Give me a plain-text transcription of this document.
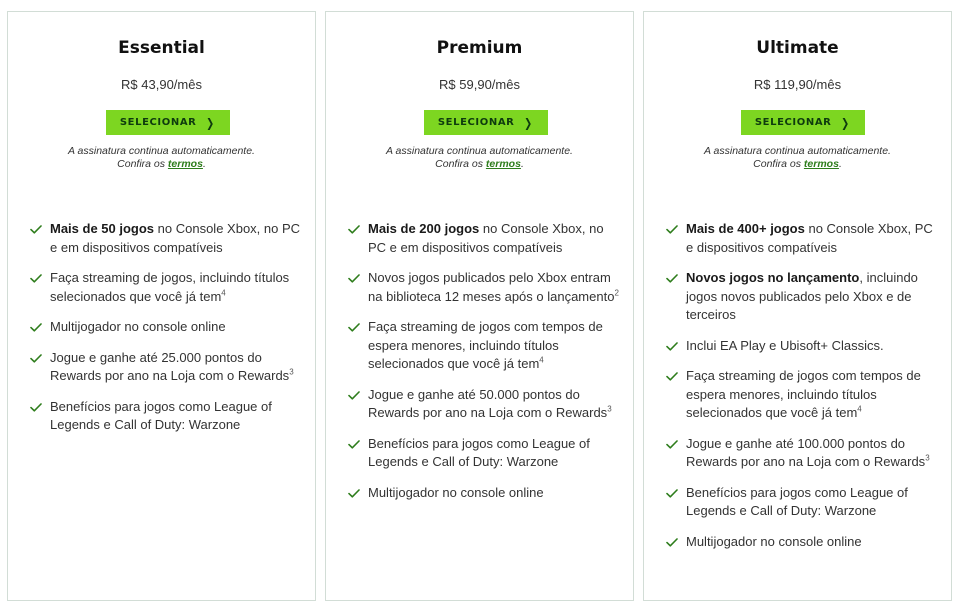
Essential
R$ 43,90/mês
SELECIONAR ❯
A assinatura continua automaticamente.
Confira os termos.
Mais de 50 jogos no Console Xbox, no PC e em dispositivos compatíveis
Faça streaming de jogos, incluindo títulos selecionados que você já tem$^4$
Multijogador no console online
Jogue e ganhe até 25.000 pontos do Rewards por ano na Loja com o Rewards$^3$
Benefícios para jogos como League of Legends e Call of Duty: Warzone
Premium
R$ 59,90/mês
SELECIONAR ❯
A assinatura continua automaticamente.
Confira os termos.
Mais de 200 jogos no Console Xbox, no PC e em dispositivos compatíveis
Novos jogos publicados pelo Xbox entram na biblioteca 12 meses após o lançamento$^2$
Faça streaming de jogos com tempos de espera menores, incluindo títulos selecionados que você já tem$^4$
Jogue e ganhe até 50.000 pontos do Rewards por ano na Loja com o Rewards$^3$
Benefícios para jogos como League of Legends e Call of Duty: Warzone
Multijogador no console online
Ultimate
R$ 119,90/mês
SELECIONAR ❯
A assinatura continua automaticamente.
Confira os termos.
Mais de 400+ jogos no Console Xbox, PC e dispositivos compatíveis
Novos jogos no lançamento, incluindo jogos novos publicados pelo Xbox e de terceiros
Inclui EA Play e Ubisoft+ Classics.
Faça streaming de jogos com tempos de espera menores, incluindo títulos selecionados que você já tem$^4$
Jogue e ganhe até 100.000 pontos do Rewards por ano na Loja com o Rewards$^3$
Benefícios para jogos como League of Legends e Call of Duty: Warzone
Multijogador no console online
